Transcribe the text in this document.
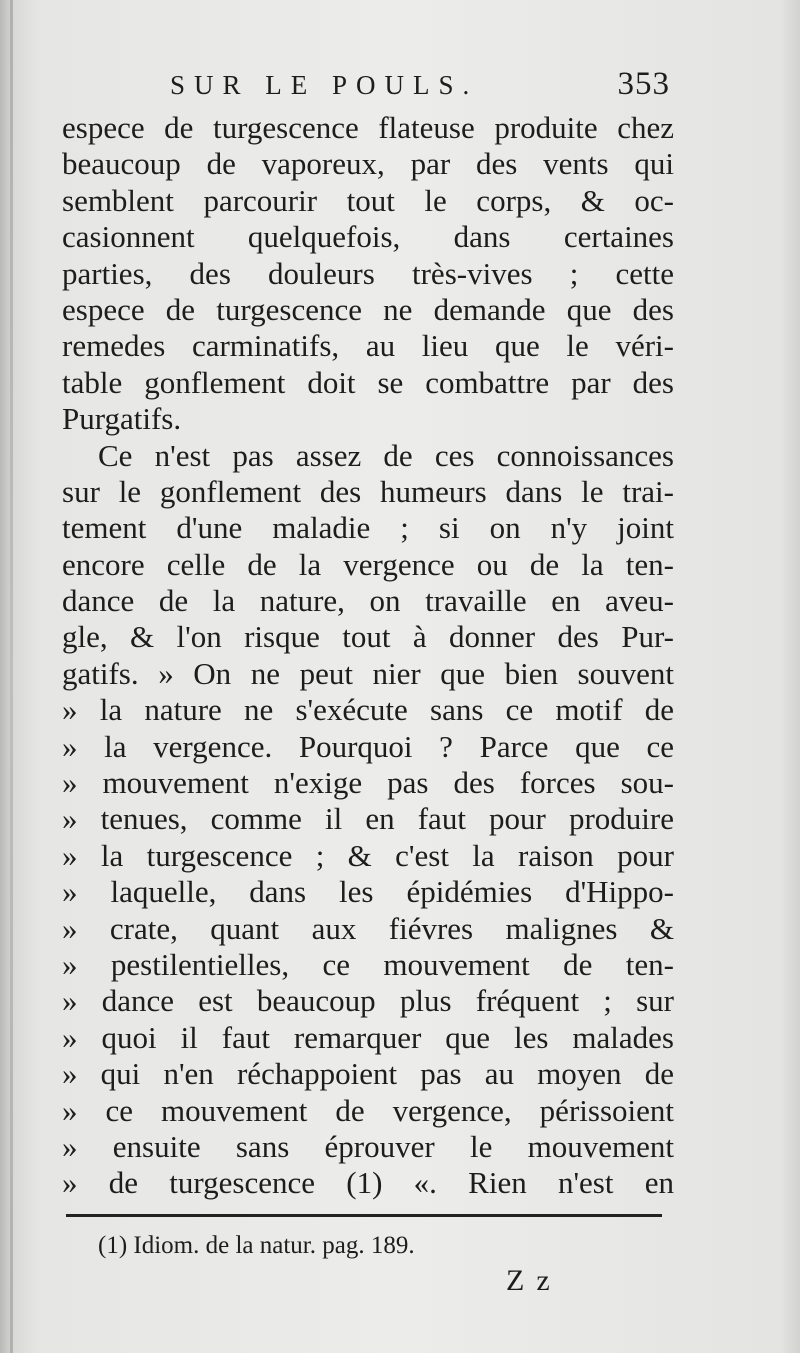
SUR LE POULS.	353
espece de turgescence flateuse produite chez
beaucoup de vaporeux, par des vents qui
semblent parcourir tout le corps, & oc-
casionnent quelquefois, dans certaines
parties, des douleurs très-vives ; cette
espece de turgescence ne demande que des
remedes carminatifs, au lieu que le véri-
table gonflement doit se combattre par des
Purgatifs.
Ce n'est pas assez de ces connoissances
sur le gonflement des humeurs dans le trai-
tement d'une maladie ; si on n'y joint
encore celle de la vergence ou de la ten-
dance de la nature, on travaille en aveu-
gle, & l'on risque tout à donner des Pur-
gatifs. » On ne peut nier que bien souvent
» la nature ne s'exécute sans ce motif de
» la vergence. Pourquoi ? Parce que ce
» mouvement n'exige pas des forces sou-
» tenues, comme il en faut pour produire
» la turgescence ; & c'est la raison pour
» laquelle, dans les épidémies d'Hippo-
» crate, quant aux fiévres malignes &
» pestilentielles, ce mouvement de ten-
» dance est beaucoup plus fréquent ; sur
» quoi il faut remarquer que les malades
» qui n'en réchappoient pas au moyen de
» ce mouvement de vergence, périssoient
» ensuite sans éprouver le mouvement
» de turgescence (1) «. Rien n'est en
(1) Idiom. de la natur. pag. 189.
Zz
